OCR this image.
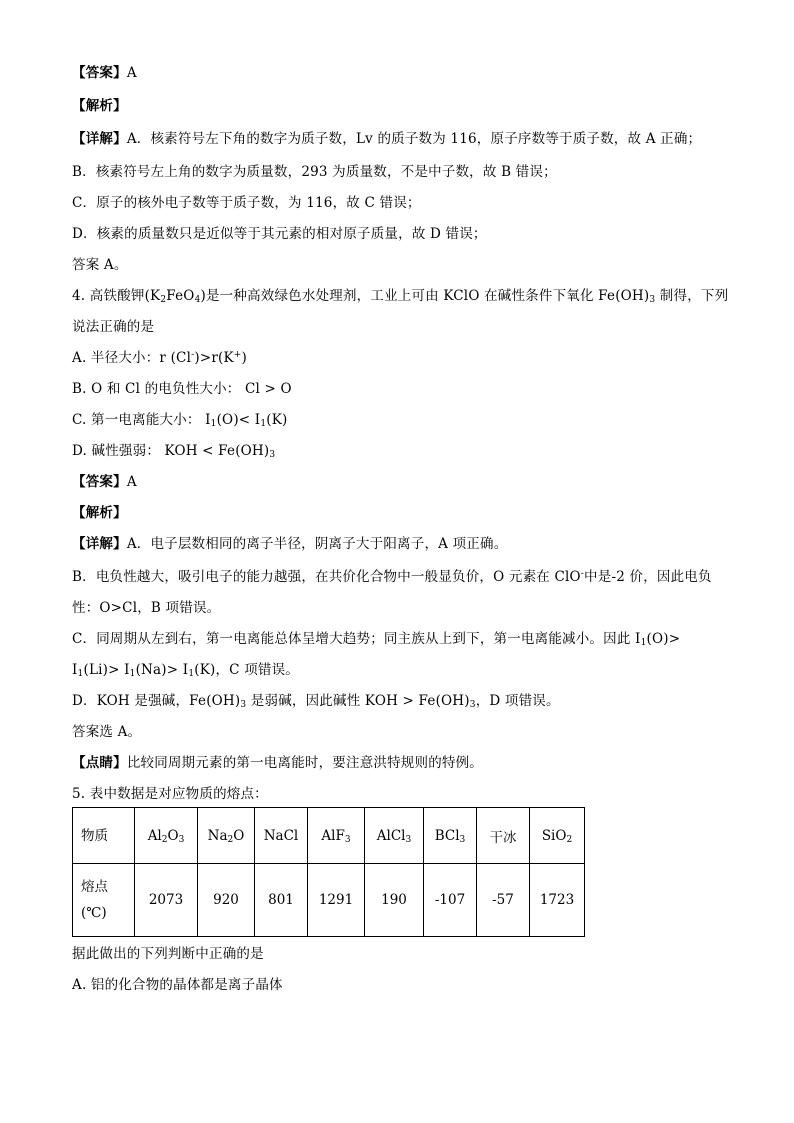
【答案】A
【解析】
【详解】A．核素符号左下角的数字为质子数，Lv 的质子数为 116，原子序数等于质子数，故 A 正确；
B．核素符号左上角的数字为质量数，293 为质量数，不是中子数，故 B 错误；
C．原子的核外电子数等于质子数，为 116，故 C 错误；
D．核素的质量数只是近似等于其元素的相对原子质量，故 D 错误；
答案 A。
4. 高铁酸钾$(K_2FeO_4)$是一种高效绿色水处理剂，工业上可由 KClO 在碱性条件下氧化 $Fe(OH)_3$ 制得，下列
说法正确的是
A. 半径大小：r (Cl-)>r(K+)
B. O 和 Cl 的电负性大小： Cl > O
C. 第一电离能大小： $I_1(O)< I_1(K)$
D. 碱性强弱： KOH < $Fe(OH)_3$
【答案】A
【解析】
【详解】A．电子层数相同的离子半径，阴离子大于阳离子，A 项正确。
B．电负性越大，吸引电子的能力越强，在共价化合物中一般显负价，O 元素在 ClO-中是-2 价，因此电负
性：O>Cl，B 项错误。
C．同周期从左到右，第一电离能总体呈增大趋势；同主族从上到下，第一电离能减小。因此 $I_1(O)>$
$I_1(Li)> I_1(Na)> I_1(K)$，C 项错误。
D．KOH 是强碱，$Fe(OH)_3$ 是弱碱，因此碱性 KOH > $Fe(OH)_3$，D 项错误。
答案选 A。
【点睛】比较同周期元素的第一电离能时，要注意洪特规则的特例。
5. 表中数据是对应物质的熔点：
物质	$Al_2O_3$	$Na_2O$	NaCl	AlF$_3$	AlCl$_3$	BCl$_3$	干冰	SiO$_2$
熔点
(℃)	2073	920	801	1291	190	-107	-57	1723
据此做出的下列判断中正确的是
A. 铝的化合物的晶体都是离子晶体
